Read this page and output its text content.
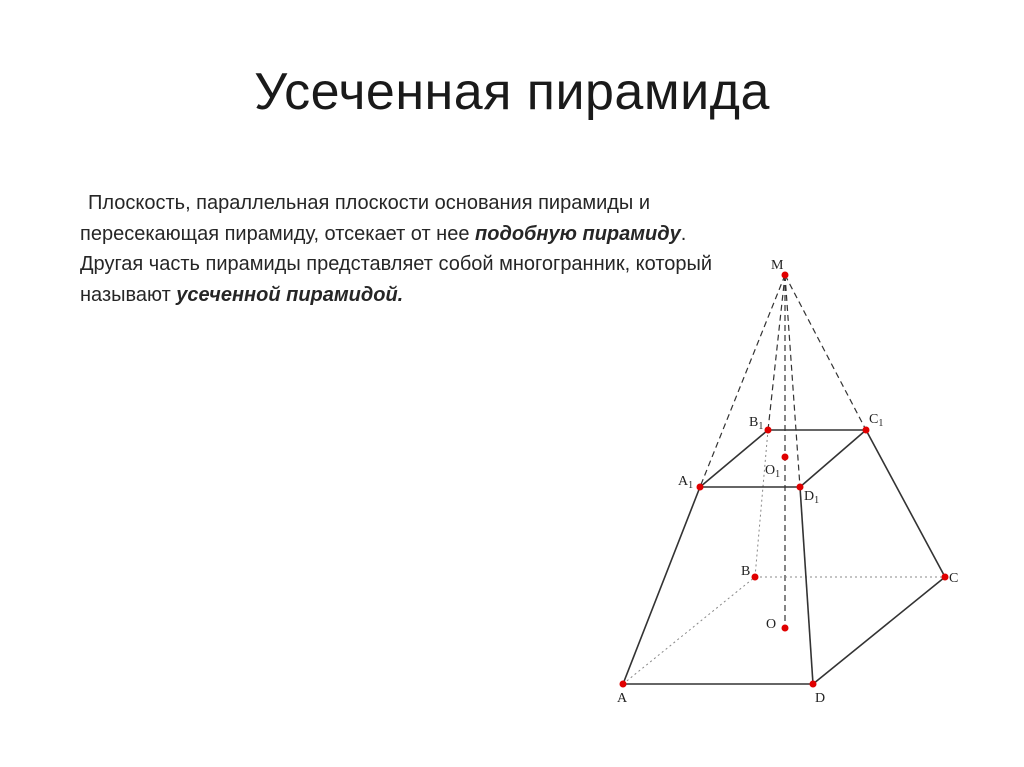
Усеченная пирамида
Плоскость, параллельная плоскости основания пирамиды и пересекающая пирамиду, отсекает от нее подобную пирамиду. Другая часть пирамиды представляет собой многогранник, который называют усеченной пирамидой.
M
$A_1$
$B_1$	$C_1$
$D_1$
$O_1$
A
B	C
D
O
